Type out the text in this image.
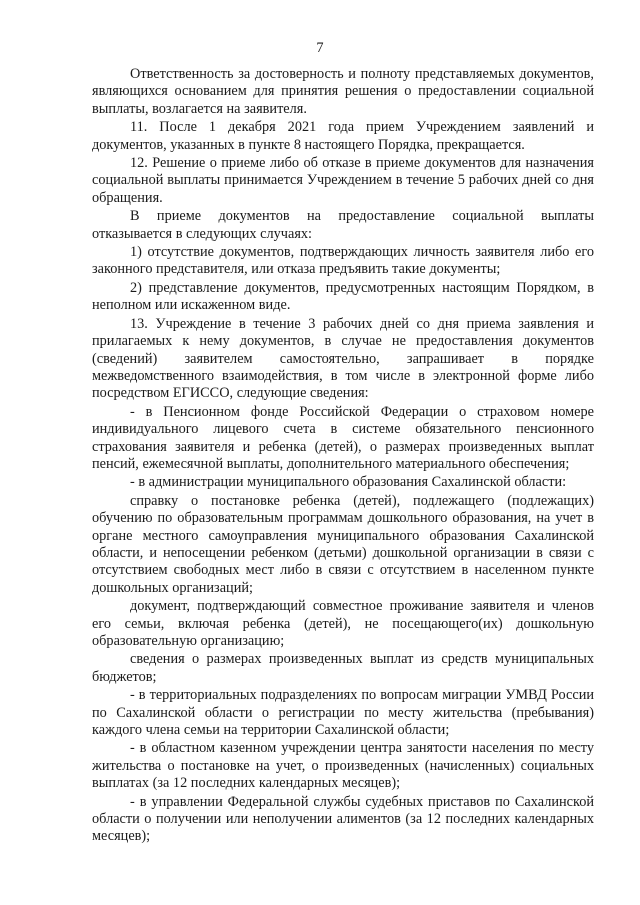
7

Ответственность за достоверность и полноту представляемых документов, являющихся основанием для принятия решения о предоставлении социальной выплаты, возлагается на заявителя.

11. После 1 декабря 2021 года прием Учреждением заявлений и документов, указанных в пункте 8 настоящего Порядка, прекращается.

12. Решение о приеме либо об отказе в приеме документов для назначения социальной выплаты принимается Учреждением в течение 5 рабочих дней со дня обращения.

В приеме документов на предоставление социальной выплаты отказывается в следующих случаях:

1) отсутствие документов, подтверждающих личность заявителя либо его законного представителя, или отказа предъявить такие документы;

2) представление документов, предусмотренных настоящим Порядком, в неполном или искаженном виде.

13. Учреждение в течение 3 рабочих дней со дня приема заявления и прилагаемых к нему документов, в случае не предоставления документов (сведений) заявителем самостоятельно, запрашивает в порядке межведомственного взаимодействия, в том числе в электронной форме либо посредством ЕГИССО, следующие сведения:

- в Пенсионном фонде Российской Федерации о страховом номере индивидуального лицевого счета в системе обязательного пенсионного страхования заявителя и ребенка (детей), о размерах произведенных выплат пенсий, ежемесячной выплаты, дополнительного материального обеспечения;

- в администрации муниципального образования Сахалинской области:

справку о постановке ребенка (детей), подлежащего (подлежащих) обучению по образовательным программам дошкольного образования, на учет в органе местного самоуправления муниципального образования Сахалинской области, и непосещении ребенком (детьми) дошкольной организации в связи с отсутствием свободных мест либо в связи с отсутствием в населенном пункте дошкольных организаций;

документ, подтверждающий совместное проживание заявителя и членов его семьи, включая ребенка (детей), не посещающего(их) дошкольную образовательную организацию;

сведения о размерах произведенных выплат из средств муниципальных бюджетов;

- в территориальных подразделениях по вопросам миграции УМВД России по Сахалинской области о регистрации по месту жительства (пребывания) каждого члена семьи на территории Сахалинской области;

- в областном казенном учреждении центра занятости населения по месту жительства о постановке на учет, о произведенных (начисленных) социальных выплатах (за 12 последних календарных месяцев);

- в управлении Федеральной службы судебных приставов по Сахалинской области о получении или неполучении алиментов (за 12 последних календарных месяцев);
